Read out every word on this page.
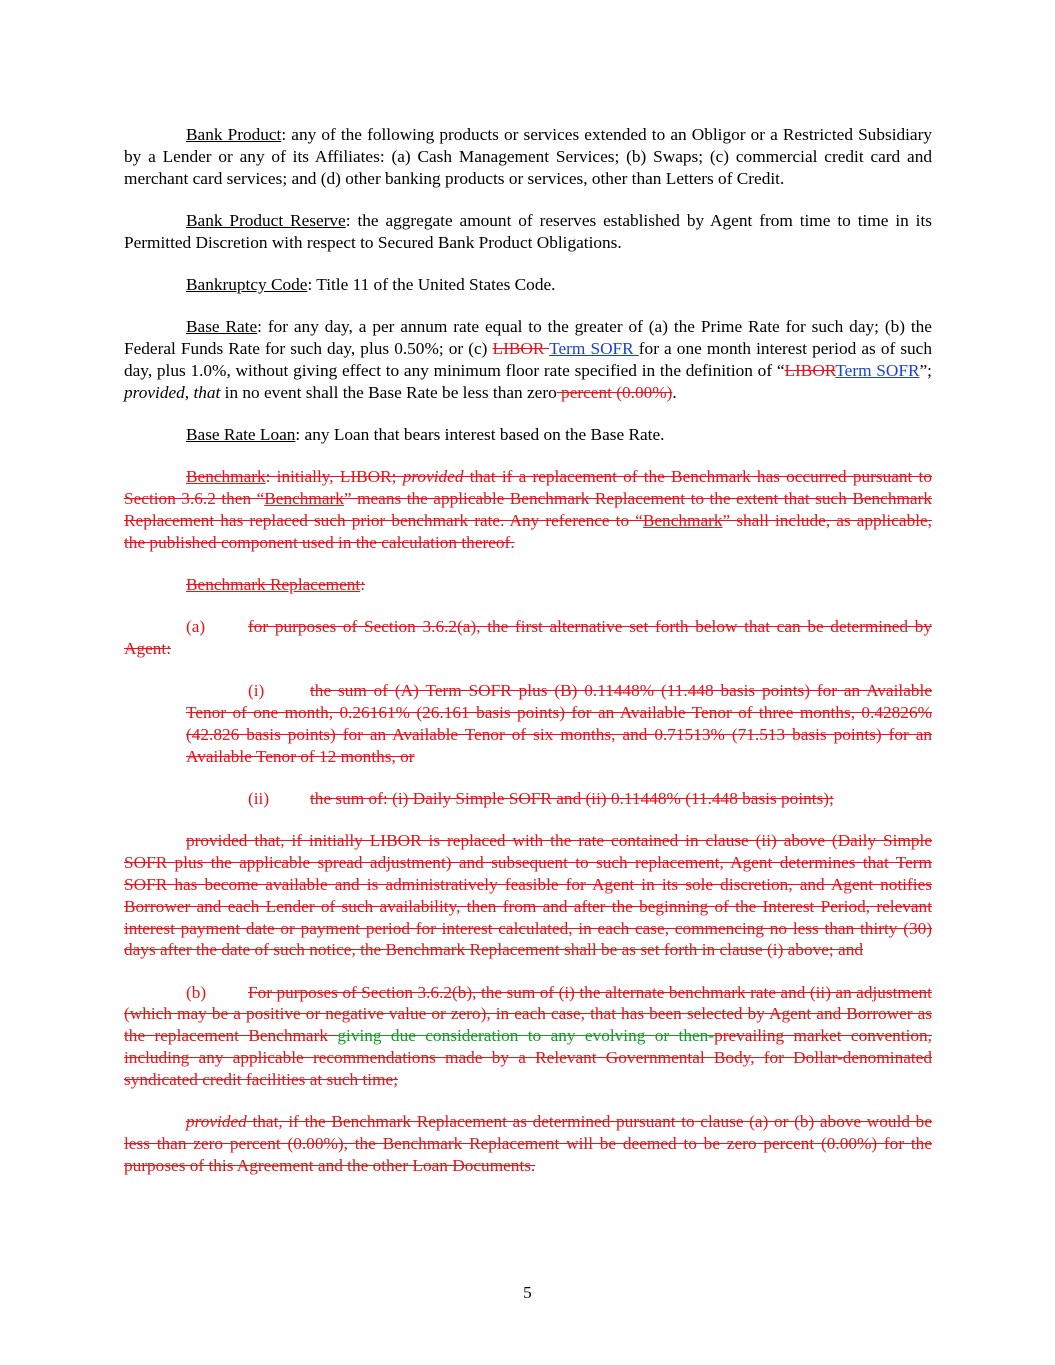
Bank Product: any of the following products or services extended to an Obligor or a Restricted Subsidiary by a Lender or any of its Affiliates: (a) Cash Management Services; (b) Swaps; (c) commercial credit card and merchant card services; and (d) other banking products or services, other than Letters of Credit.

Bank Product Reserve: the aggregate amount of reserves established by Agent from time to time in its Permitted Discretion with respect to Secured Bank Product Obligations.

Bankruptcy Code: Title 11 of the United States Code.

Base Rate: for any day, a per annum rate equal to the greater of (a) the Prime Rate for such day; (b) the Federal Funds Rate for such day, plus 0.50%; or (c) LIBOR Term SOFR for a one month interest period as of such day, plus 1.0%, without giving effect to any minimum floor rate specified in the definition of “LIBORTerm SOFR”; provided, that in no event shall the Base Rate be less than zero percent (0.00%).

Base Rate Loan: any Loan that bears interest based on the Base Rate.

Benchmark: initially, LIBOR; provided that if a replacement of the Benchmark has occurred pursuant to Section 3.6.2 then “Benchmark” means the applicable Benchmark Replacement to the extent that such Benchmark Replacement has replaced such prior benchmark rate. Any reference to “Benchmark” shall include, as applicable, the published component used in the calculation thereof.

Benchmark Replacement:

(a) for purposes of Section 3.6.2(a), the first alternative set forth below that can be determined by Agent:

(i)	the sum of (A) Term SOFR plus (B) 0.11448% (11.448 basis points) for an Available Tenor of one month, 0.26161% (26.161 basis points) for an Available Tenor of three months, 0.42826% (42.826 basis points) for an Available Tenor of six months, and 0.71513% (71.513 basis points) for an Available Tenor of 12 months, or

(ii) the sum of: (i) Daily Simple SOFR and (ii) 0.11448% (11.448 basis points);

provided that, if initially LIBOR is replaced with the rate contained in clause (ii) above (Daily Simple SOFR plus the applicable spread adjustment) and subsequent to such replacement, Agent determines that Term SOFR has become available and is administratively feasible for Agent in its sole discretion, and Agent notifies Borrower and each Lender of such availability, then from and after the beginning of the Interest Period, relevant interest payment date or payment period for interest calculated, in each case, commencing no less than thirty (30) days after the date of such notice, the Benchmark Replacement shall be as set forth in clause (i) above; and

(b) For purposes of Section 3.6.2(b), the sum of (i) the alternate benchmark rate and (ii) an adjustment (which may be a positive or negative value or zero), in each case, that has been selected by Agent and Borrower as the replacement Benchmark giving due consideration to any evolving or then-prevailing market convention, including any applicable recommendations made by a Relevant Governmental Body, for Dollar-denominated syndicated credit facilities at such time;

provided that, if the Benchmark Replacement as determined pursuant to clause (a) or (b) above would be less than zero percent (0.00%), the Benchmark Replacement will be deemed to be zero percent (0.00%) for the purposes of this Agreement and the other Loan Documents.

5
